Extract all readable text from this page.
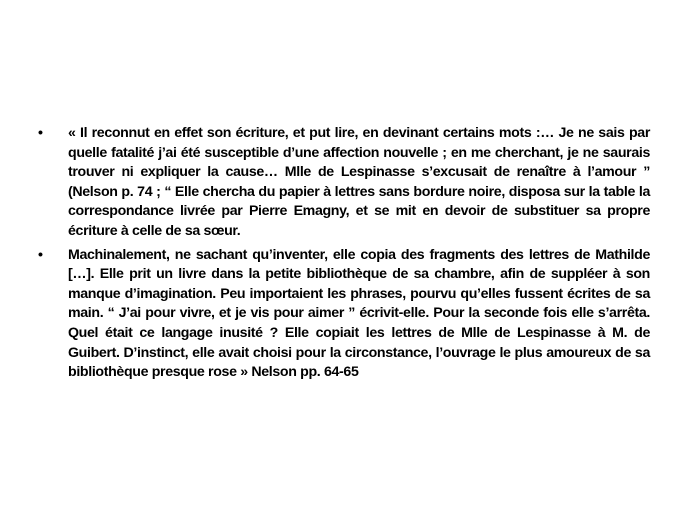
•	« Il reconnut en effet son écriture, et put lire, en devinant certains mots :… Je ne sais par quelle fatalité j’ai été susceptible d’une affection nouvelle ; en me cherchant, je ne saurais trouver ni expliquer la cause… Mlle de Lespinasse s’excusait de renaître à l’amour ” (Nelson p. 74 ; “ Elle chercha du papier à lettres sans bordure noire, disposa sur la table la correspondance livrée par Pierre Emagny, et se mit en devoir de substituer sa propre écriture à celle de sa sœur.
•	Machinalement, ne sachant qu’inventer, elle copia des fragments des lettres de Mathilde […]. Elle prit un livre dans la petite bibliothèque de sa chambre, afin de suppléer à son manque d’imagination. Peu importaient les phrases, pourvu qu’elles fussent écrites de sa main. “ J’ai pour vivre, et je vis pour aimer ” écrivit-elle. Pour la seconde fois elle s’arrêta. Quel était ce langage inusité ? Elle copiait les lettres de Mlle de Lespinasse à M. de Guibert. D’instinct, elle avait choisi pour la circonstance, l’ouvrage le plus amoureux de sa bibliothèque presque rose » Nelson pp. 64-65
